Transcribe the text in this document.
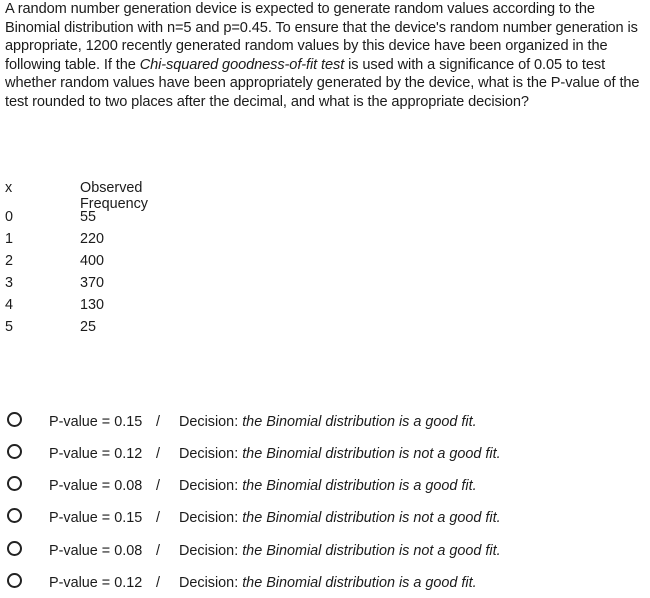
A random number generation device is expected to generate random values according to the Binomial distribution with n=5 and p=0.45. To ensure that the device's random number generation is appropriate, 1200 recently generated random values by this device have been organized in the following table. If the Chi-squared goodness-of-fit test is used with a significance of 0.05 to test whether random values have been appropriately generated by the device, what is the P-value of the test rounded to two places after the decimal, and what is the appropriate decision?
x	Observed Frequency
0	55
1	220
2	400
3	370
4	130
5	25
P-value = 0.15 / Decision: the Binomial distribution is a good fit.
P-value = 0.12 / Decision: the Binomial distribution is not a good fit.
P-value = 0.08 / Decision: the Binomial distribution is a good fit.
P-value = 0.15 / Decision: the Binomial distribution is not a good fit.
P-value = 0.08 / Decision: the Binomial distribution is not a good fit.
P-value = 0.12 / Decision: the Binomial distribution is a good fit.
